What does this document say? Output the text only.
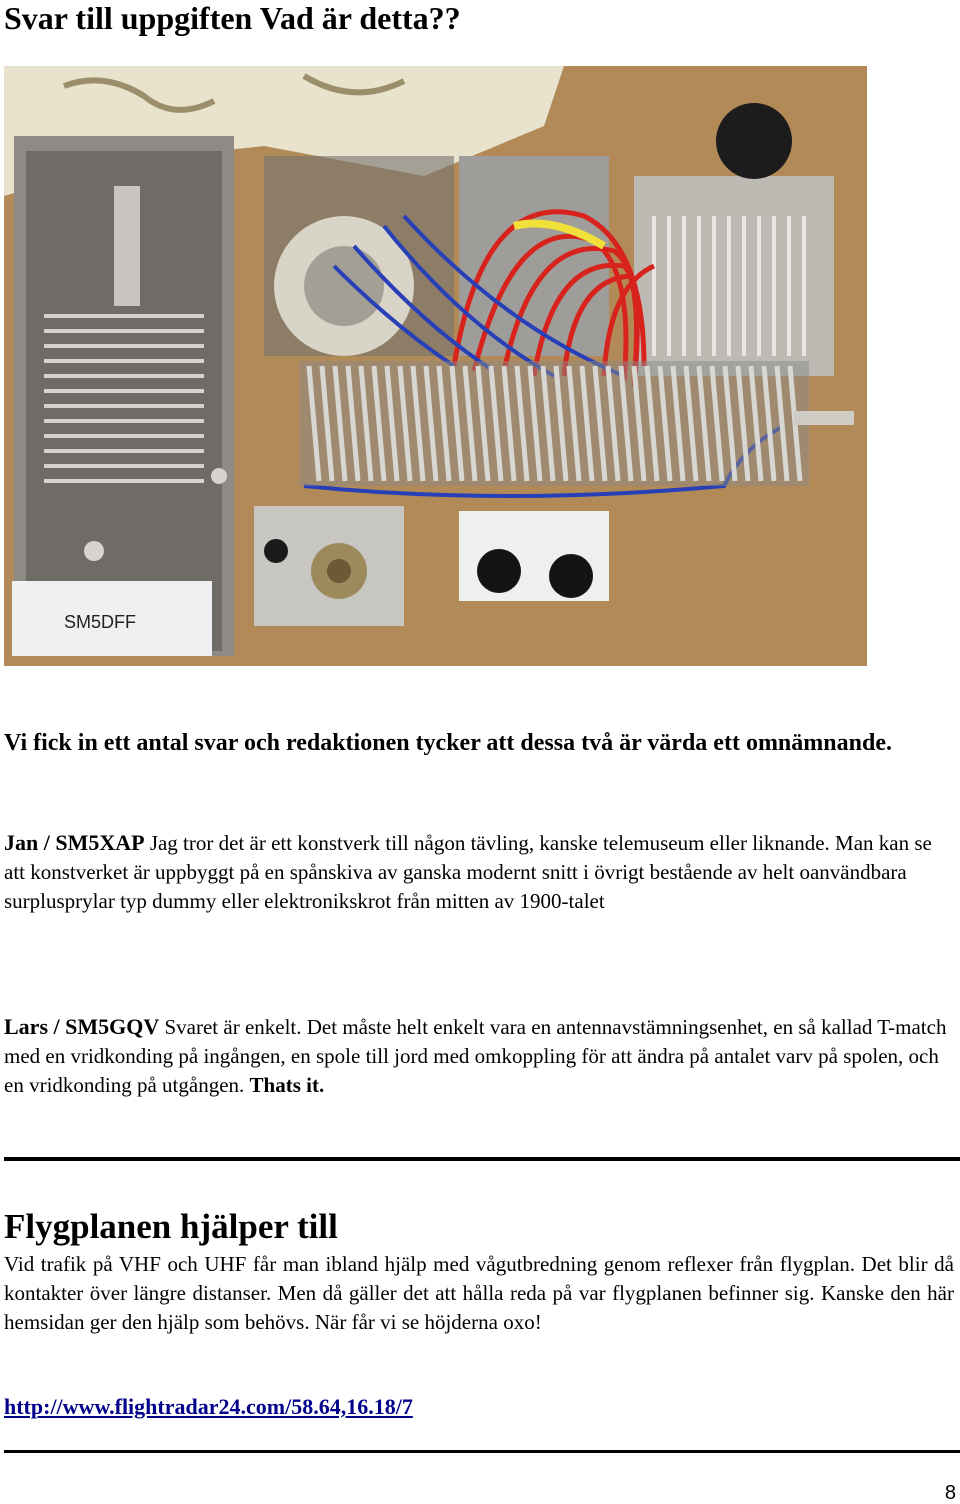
Svar till uppgiften Vad är detta??
SM5DFF

Vi fick in ett antal svar och redaktionen tycker att dessa två är värda ett omnämnande.

Jan / SM5XAP Jag tror det är ett konstverk till någon tävling, kanske telemuseum eller liknande. Man kan se att konstverket är uppbyggt på en spånskiva av ganska modernt snitt i övrigt bestående av helt oanvändbara surplusprylar typ dummy eller elektronikskrot från mitten av 1900-talet

Lars / SM5GQV Svaret är enkelt. Det måste helt enkelt vara en antennavstämningsenhet, en så kallad T-match med en vridkonding på ingången, en spole till jord med omkoppling för att ändra på antalet varv på spolen, och en vridkonding på utgången. Thats it.

Flygplanen hjälper till

Vid trafik på VHF och UHF får man ibland hjälp med vågutbredning genom reflexer från flygplan. Det blir då kontakter över längre distanser. Men då gäller det att hålla reda på var flygplanen befinner sig. Kanske den här hemsidan ger den hjälp som behövs. När får vi se höjderna oxo!

http://www.flightradar24.com/58.64,16.18/7
8
